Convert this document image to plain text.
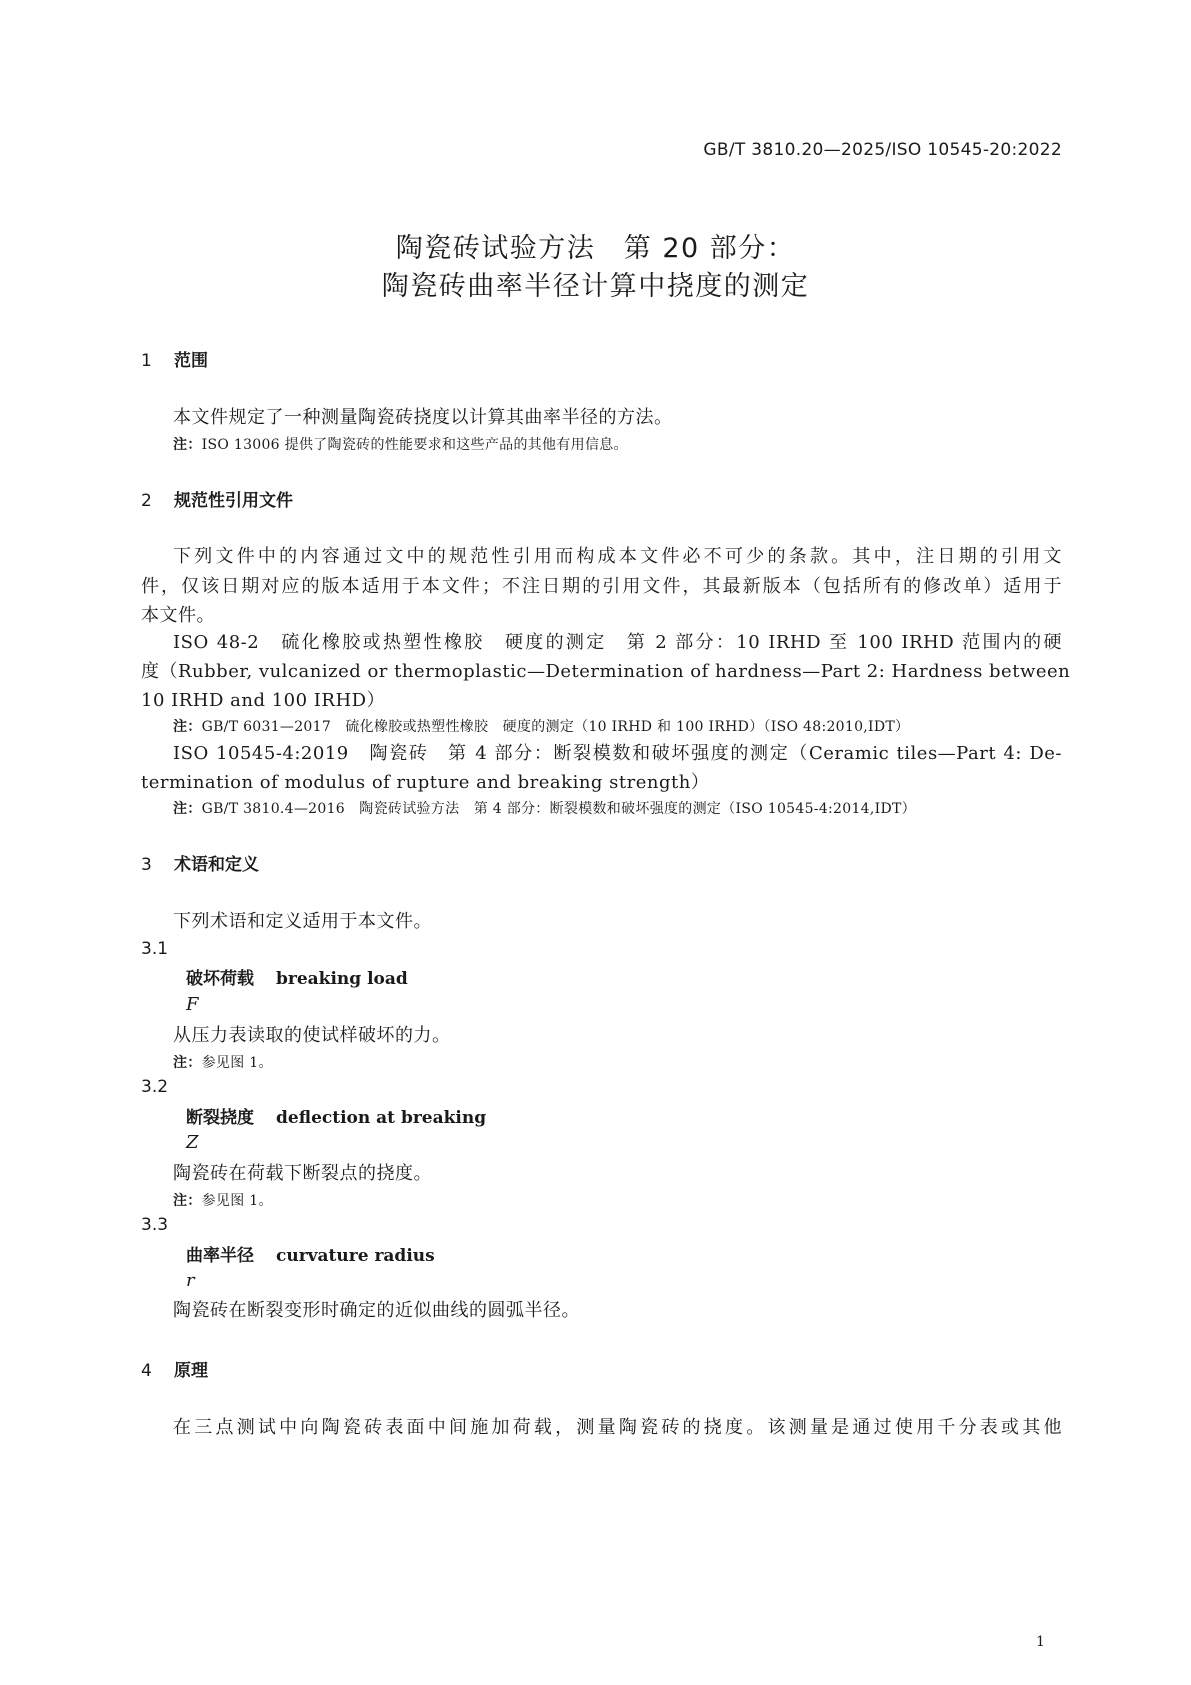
GB/T 3810.20—2025/ISO 10545-20:2022
陶瓷砖试验方法　第 20 部分：
陶瓷砖曲率半径计算中挠度的测定
1 范围
本文件规定了一种测量陶瓷砖挠度以计算其曲率半径的方法。
注：ISO 13006 提供了陶瓷砖的性能要求和这些产品的其他有用信息。
2 规范性引用文件
下列文件中的内容通过文中的规范性引用而构成本文件必不可少的条款。其中，注日期的引用文
件，仅该日期对应的版本适用于本文件；不注日期的引用文件，其最新版本（包括所有的修改单）适用于
本文件。
ISO 48-2　硫化橡胶或热塑性橡胶　硬度的测定　第 2 部分：10 IRHD 至 100 IRHD 范围内的硬
度（Rubber, vulcanized or thermoplastic—Determination of hardness—Part 2: Hardness between
10 IRHD and 100 IRHD）
注：GB/T 6031—2017　硫化橡胶或热塑性橡胶　硬度的测定（10 IRHD 和 100 IRHD）（ISO 48:2010,IDT）
ISO 10545-4:2019　陶瓷砖　第 4 部分：断裂模数和破坏强度的测定（Ceramic tiles—Part 4: De-
termination of modulus of rupture and breaking strength）
注：GB/T 3810.4—2016　陶瓷砖试验方法　第 4 部分：断裂模数和破坏强度的测定（ISO 10545-4:2014,IDT）
3 术语和定义
下列术语和定义适用于本文件。
3.1
破坏荷载 breaking load
F
从压力表读取的使试样破坏的力。
注：参见图 1。
3.2
断裂挠度 deflection at breaking
Z
陶瓷砖在荷载下断裂点的挠度。
注：参见图 1。
3.3
曲率半径 curvature radius
r
陶瓷砖在断裂变形时确定的近似曲线的圆弧半径。
4 原理
在三点测试中向陶瓷砖表面中间施加荷载，测量陶瓷砖的挠度。该测量是通过使用千分表或其他
1
